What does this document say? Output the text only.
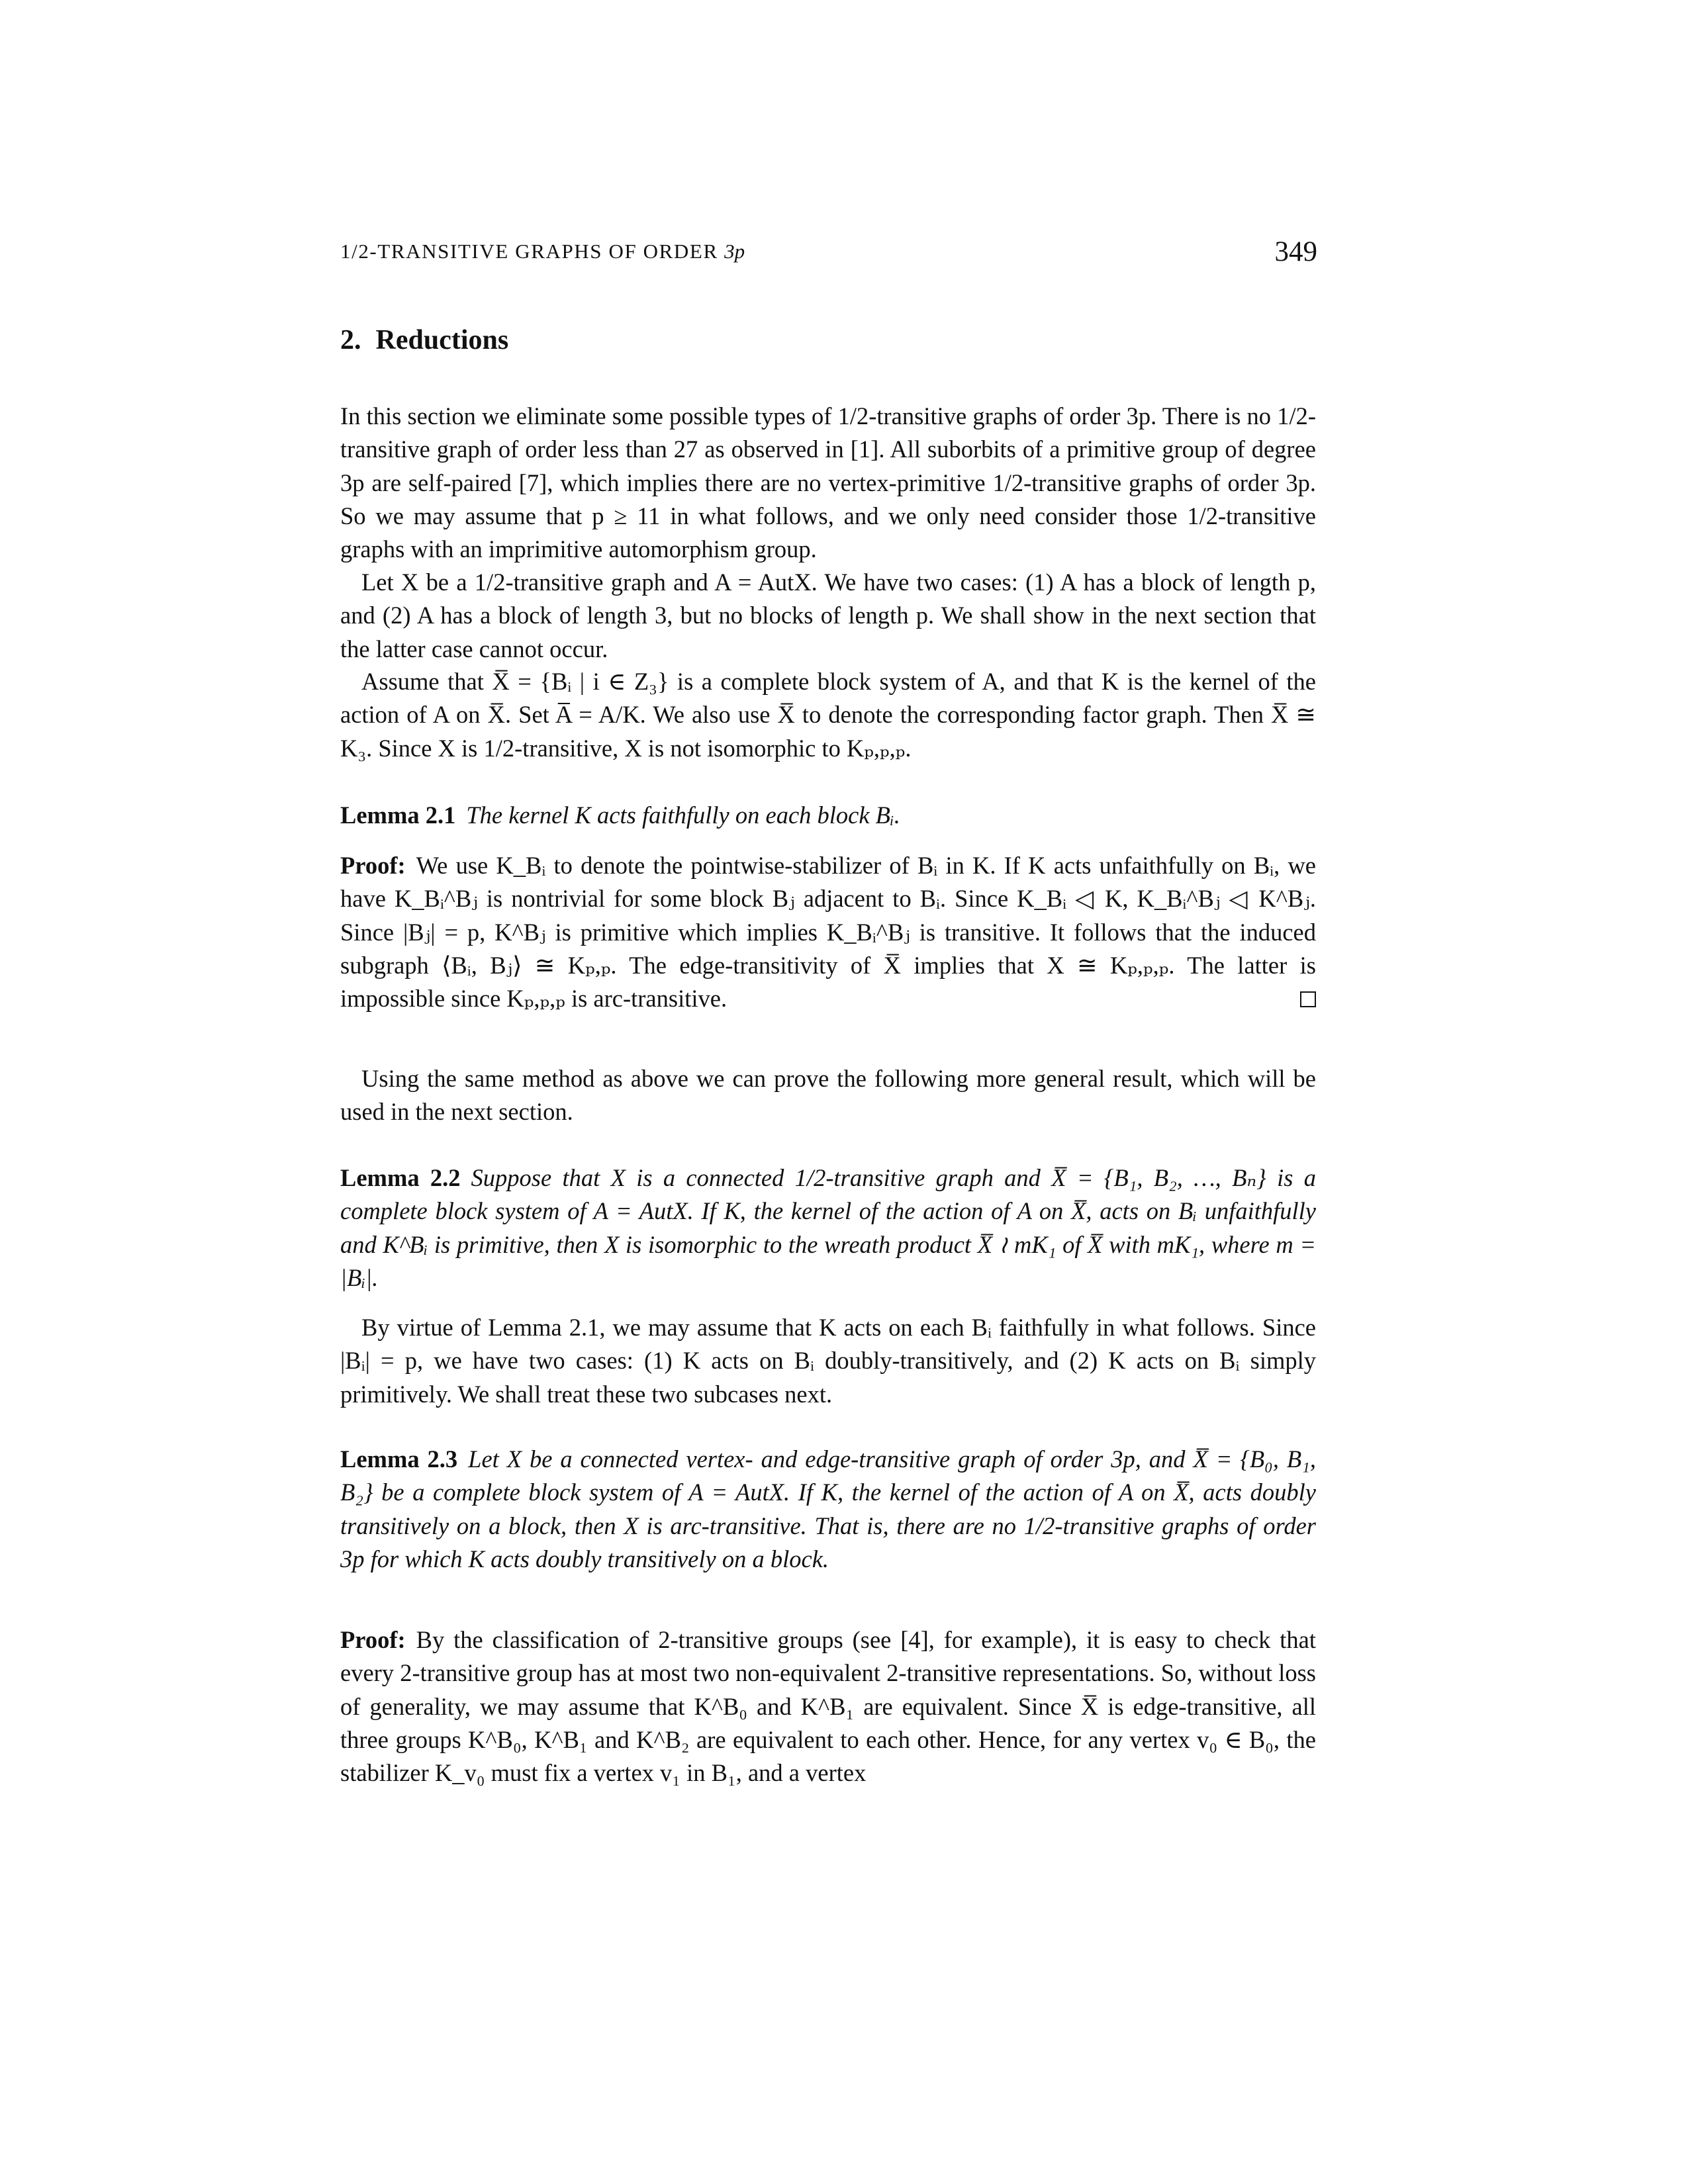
1/2-TRANSITIVE GRAPHS OF ORDER 3p	349
2. Reductions

In this section we eliminate some possible types of 1/2-transitive graphs of order 3p. There is no 1/2-transitive graph of order less than 27 as observed in [1]. All suborbits of a primitive group of degree 3p are self-paired [7], which implies there are no vertex-primitive 1/2-transitive graphs of order 3p. So we may assume that p ≥ 11 in what follows, and we only need consider those 1/2-transitive graphs with an imprimitive automorphism group.

Let X be a 1/2-transitive graph and A = AutX. We have two cases: (1) A has a block of length p, and (2) A has a block of length 3, but no blocks of length p. We shall show in the next section that the latter case cannot occur.

Assume that X̅ = {Bᵢ | i ∈ Z₃} is a complete block system of A, and that K is the kernel of the action of A on X̅. Set A̅ = A/K. We also use X̅ to denote the corresponding factor graph. Then X̅ ≅ K₃. Since X is 1/2-transitive, X is not isomorphic to Kₚ,ₚ,ₚ.

Lemma 2.1 The kernel K acts faithfully on each block Bᵢ.

Proof: We use K_Bᵢ to denote the pointwise-stabilizer of Bᵢ in K. If K acts unfaithfully on Bᵢ, we have K_Bᵢ^Bⱼ is nontrivial for some block Bⱼ adjacent to Bᵢ. Since K_Bᵢ ◁ K, K_Bᵢ^Bⱼ ◁ K^Bⱼ. Since |Bⱼ| = p, K^Bⱼ is primitive which implies K_Bᵢ^Bⱼ is transitive. It follows that the induced subgraph ⟨Bᵢ, Bⱼ⟩ ≅ Kₚ,ₚ. The edge-transitivity of X̅ implies that X ≅ Kₚ,ₚ,ₚ. The latter is impossible since Kₚ,ₚ,ₚ is arc-transitive.

Using the same method as above we can prove the following more general result, which will be used in the next section.

Lemma 2.2 Suppose that X is a connected 1/2-transitive graph and X̅ = {B₁, B₂, …, Bₙ} is a complete block system of A = AutX. If K, the kernel of the action of A on X̅, acts on Bᵢ unfaithfully and K^Bᵢ is primitive, then X is isomorphic to the wreath product X̅ ≀ mK₁ of X̅ with mK₁, where m = |Bᵢ|.

By virtue of Lemma 2.1, we may assume that K acts on each Bᵢ faithfully in what follows. Since |Bᵢ| = p, we have two cases: (1) K acts on Bᵢ doubly-transitively, and (2) K acts on Bᵢ simply primitively. We shall treat these two subcases next.

Lemma 2.3 Let X be a connected vertex- and edge-transitive graph of order 3p, and X̅ = {B₀, B₁, B₂} be a complete block system of A = AutX. If K, the kernel of the action of A on X̅, acts doubly transitively on a block, then X is arc-transitive. That is, there are no 1/2-transitive graphs of order 3p for which K acts doubly transitively on a block.

Proof: By the classification of 2-transitive groups (see [4], for example), it is easy to check that every 2-transitive group has at most two non-equivalent 2-transitive representations. So, without loss of generality, we may assume that K^B₀ and K^B₁ are equivalent. Since X̅ is edge-transitive, all three groups K^B₀, K^B₁ and K^B₂ are equivalent to each other. Hence, for any vertex v₀ ∈ B₀, the stabilizer K_v₀ must fix a vertex v₁ in B₁, and a vertex
